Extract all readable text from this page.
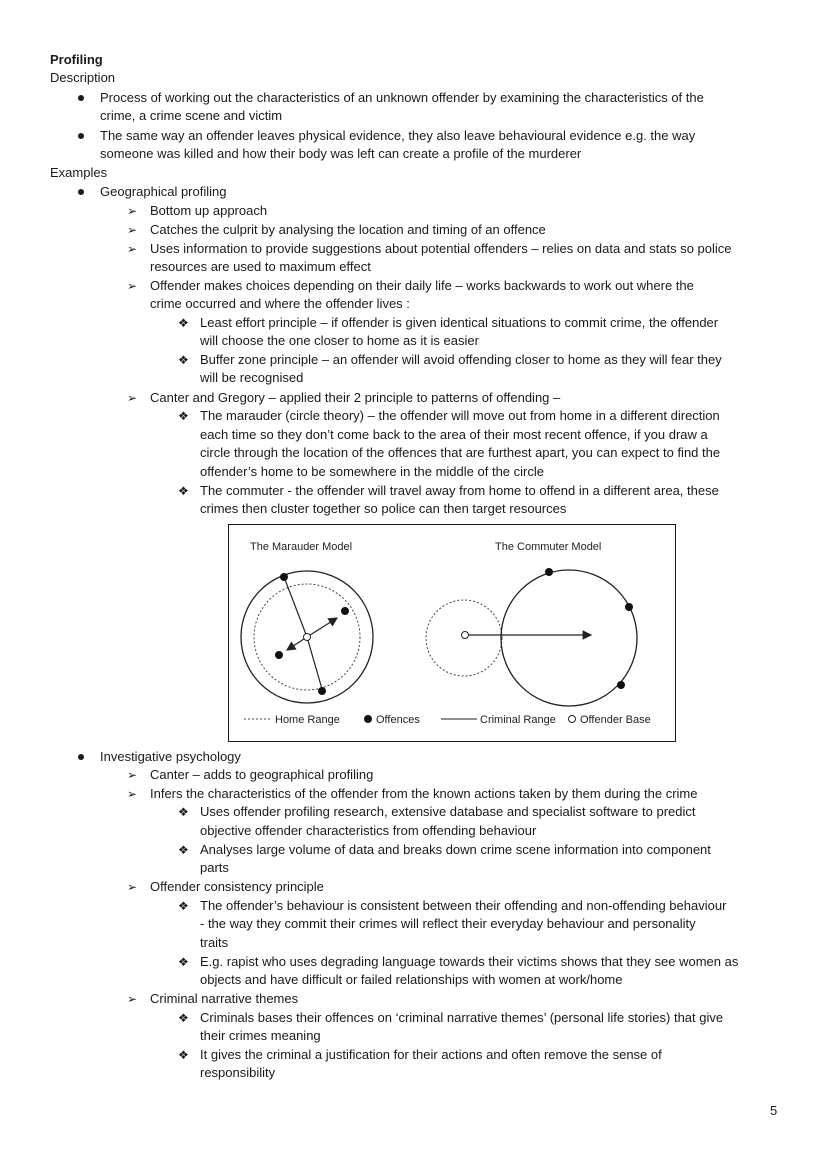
Profiling
Description
Process of working out the characteristics of an unknown offender by examining the characteristics of the
crime, a crime scene and victim
The same way an offender leaves physical evidence, they also leave behavioural evidence e.g. the way
someone was killed and how their body was left can create a profile of the murderer
Examples
Geographical profiling
➢ Bottom up approach
➢ Catches the culprit by analysing the location and timing of an offence
➢ Uses information to provide suggestions about potential offenders – relies on data and stats so police
resources are used to maximum effect
➢ Offender makes choices depending on their daily life – works backwards to work out where the
crime occurred and where the offender lives :
❖ Least effort principle – if offender is given identical situations to commit crime, the offender
will choose the one closer to home as it is easier
❖ Buffer zone principle – an offender will avoid offending closer to home as they will fear they
will be recognised
➢ Canter and Gregory – applied their 2 principle to patterns of offending –
❖ The marauder (circle theory) – the offender will move out from home in a different direction
each time so they don’t come back to the area of their most recent offence, if you draw a
circle through the location of the offences that are furthest apart, you can expect to find the
offender’s home to be somewhere in the middle of the circle
❖ The commuter - the offender will travel away from home to offend in a different area, these
crimes then cluster together so police can then target resources
The Marauder Model	The Commuter Model
Home Range	Offences	Criminal Range Offender Base
Investigative psychology
➢ Canter – adds to geographical profiling
➢ Infers the characteristics of the offender from the known actions taken by them during the crime
❖ Uses offender profiling research, extensive database and specialist software to predict
objective offender characteristics from offending behaviour
❖ Analyses large volume of data and breaks down crime scene information into component
parts
➢ Offender consistency principle
❖ The offender’s behaviour is consistent between their offending and non-offending behaviour
- the way they commit their crimes will reflect their everyday behaviour and personality
traits
❖ E.g. rapist who uses degrading language towards their victims shows that they see women as
objects and have difficult or failed relationships with women at work/home
➢ Criminal narrative themes
❖ Criminals bases their offences on ‘criminal narrative themes’ (personal life stories) that give
their crimes meaning
❖ It gives the criminal a justification for their actions and often remove the sense of
responsibility
5
